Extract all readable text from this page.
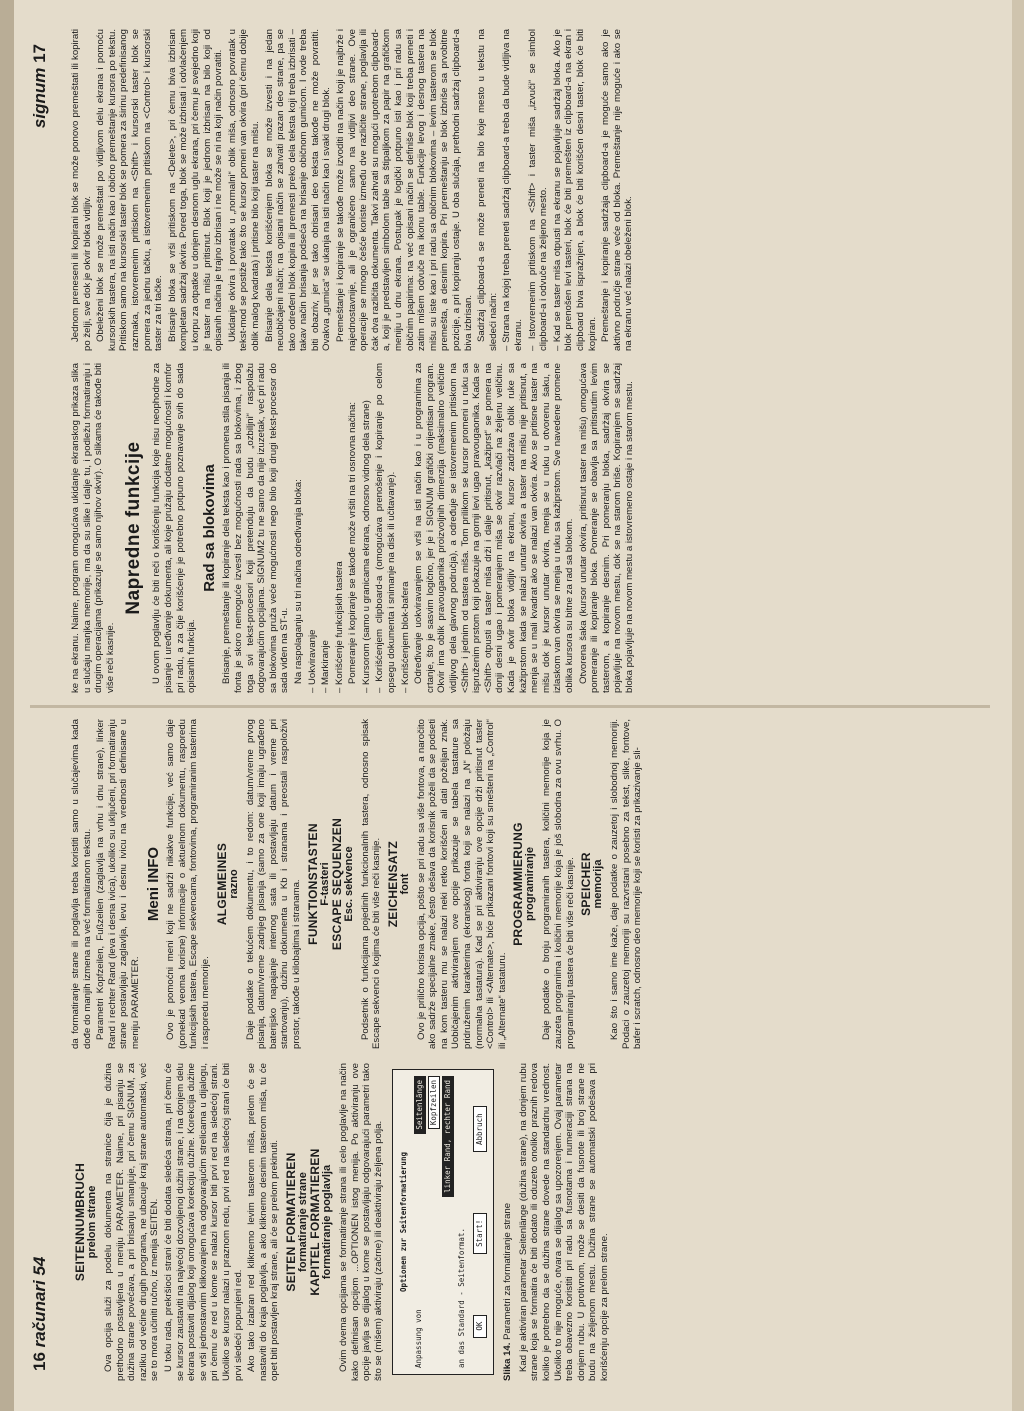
16 računari 54
signum 17
SEITENNUMBRUCH prelom strane Ova opcija služi za podelu dokumenta na stranice čija je dužina prethodno postavljena u meniju PARAMETER. Naime, pri pisanju se dužina strane povećava, a pri brisanju smanjuje, pri čemu SIGNUM, za razliku od većine drugih programa, ne ubacuje kraj strane automatski, već se to mora učiniti ručno, iz menija SEITEN. U toku rada, prekršioci strani će biti dodata sledeća strana, pri čemu će se kursor zaustaviti na najvećoj dozvoljenoj dužini strane, i na donjem delu ekrana postaviti dijalog koji omogućava korekciju dužine. Korekcija dužine se vrši jednostavnim klikovanjem na odgovarajućim strelicama u dijalogu, pri čemu će red u kome se nalazi kursor biti prvi red na sledećoj strani. Ukoliko se kursor nalazi u praznom redu, prvi red na sledećoj strani će biti prvi sledeći popunjeni red. Ako tako izabran red kliknemo levim tasterom miša, prelom će se nastaviti do kraja poglavlja, a ako kliknemo desnim tasterom miša, tu će opet biti postavljen kraj strane, ali će se prelom prekinuti. SEITEN FORMATIEREN formatiranje strane KAPITEL FORMATIEREN formatiranje poglavlja Ovim dvema opcijama se formatiranje strana ili celo poglavlje na način kako definisan opcijom ...OPTIONEN istog menija. Po aktiviranju ove opcije javlja se dijalog u kome se postavljaju odgovarajući parametri tako što se (mišem) aktiviraju (začrne) ili deaktiviraju željena polja. Optionen zur Seitenformatierung
Anpassung von
Seitenlänge Kopfzeilen linker Rand, rechter Rand
an das Standard - Seitenformat. OK
Start!
Abbruch
Slika 14. Parametri za formatiranje strane Kad je aktiviran parametar Seitenlänge (dužina strane), na donjem rubu strane koja se formatira će biti dodato ili oduzeto onoliko praznih redova koliko je potrebno da se dužina strane dovede na standardnu vrednost. Ukoliko to nije moguće, otvara se dijalog sa upozorenjem. Ovaj parametar treba obavezno koristiti pri radu sa fusnotama i numeraciji strana na donjem rubu. U protivnom, može se desiti da fusnote ili broj strane ne budu na željenom mestu. Dužina strane se automatski podešava pri korišćenju opcije za prelom strane.

da formatiranje strane ili poglavlja treba koristiti samo u slučajevima kada dođe do manjih izmena na već formatiranom tekstu. Parametri Kopfzeilen, Fußzeilen (zaglavlja na vrhu i dnu strane), linker Rand i rechter Rand (leva i desna ivica), ukoliko su uključeni, pri formatiranju strane postavljaju zaglavlja, levu i desnu ivicu na vrednosti definisane u meniju PARAMETER.

Meni INFO Ovo je pomoćni meni koji ne sadrži nikakve funkcije, već samo daje (ponekad veoma korisne) informacije o aktuelnom dokumentu, rasporedu funkcijskih tastera, Escape sekvencama, fontovima, programiranim tasterima i rasporedu memorije.

ALGEMEINES razno Daje podatke o tekućem dokumentu, i to redom: datum/vreme prvog pisanja, datum/vreme zadnjeg pisanja (samo za one koji imaju ugrađeno baterijsko napajanje internog sata ili postavljaju datum i vreme pri startovanju), dužinu dokumenta u Kb i stranama i preostali raspoloživi prostor, takođe u kilobajtima i stranama. FUNKTIONSTASTEN F-tasteri ESCAPE SEQUENZEN Esc. sekvence Podsetnik o funkcijama pojedinih funkcionalnih tastera, odnosno spisak Escape sekvenci o kojima će biti više reči kasnije. ZEICHENSATZ font Ovo je prilično korisna opcija, pošto se pri radu sa više fontova, a naročito ako sadrže specijalne znake, često dešava da korisnik poželi da se podseti na kom tasteru mu se nalazi neki retko korišćen ali dati poželjan znak. Uobičajenim aktiviranjem ove opcije prikazuje se tabela tastature sa pridruženim karakterima (ekranskog) fonta koji se nalazi na „N“ položaju (normalna tastatura). Kad se pri aktiviranju ove opcije drži pritisnut taster <Control> ili <Alternate>, biće prikazani fontovi koji su smešteni na „Control“ ili „Alternate“ tastaturu.

PROGRAMMIERUNG programiranje Daje podatke o broju programiranih tastera, količini memorije koja je zauzeta programima i količini memorije koja je još slobodna za ovu svrhu. O programiranju tastera će biti više reči kasnije. SPEICHER memorija Kao što i samo ime kaže, daje podatke o zauzetoj i slobodnoj memoriji. Podaci o zauzetoj memoriji su razvrstani posebno za tekst, slike, fontove, bafer i scratch, odnosno deo memorije koji se koristi za prikazivanje sli-

ke na ekranu. Naime, program omogućava ukidanje ekranskog prikaza slika u slučaju manjka memorije, ma da su slike i dalje tu, i podležu formatiranju i drugim operacijama (prikazuje se samo njihov okvir). O slikama će takođe biti više reči kasnije.

Napredne funkcije U ovom poglavlju će biti reči o korišćenju funkcija koje nisu neophodne za pisanje i uređivanje dokumenta, ali koje pružaju dodatne mogućnosti i komfor pri radu, a za čije korišćenje je potrebno potpuno poznavanje svih do sada opisanih funkcija.

Rad sa blokovima Brisanje, premeštanje ili kopiranje dela teksta kao i promena stila pisanja ili fonta je skoro nemoguće izvesti bez mogućnosti rada sa blokovima, i zbog toga svi tekst-procesori koji pretenduju da budu „ozbiljni“ raspolažu odgovarajućim opcijama. SIGNUM2 tu ne samo da nije izuzetak, već pri radu sa blokovima pruža veće mogućnosti nego bilo koji drugi tekst-procesor do sada viđen na ST-u. Na raspolaganju su tri načina određivanja bloka: – Uokviravanje – Markiranje – Korišćenje funkcijskih tastera Pomeranje i kopiranje se takođe može vršiti na tri osnovna načina: – Kursorom (samo u granicama ekrana, odnosno vidnog dela strane) – Korišćenjem clipboard-a (omogućava prenošenje i kopiranje po celom opsegu dokumenta i snimanje na disk ili učitavanje). – Korišćenjem blok-bafera Određivanje uokviravanjem se vrši na isti način kao i u programima za crtanje, što je sasvim logično, jer je i SIGNUM grafički orijentisan program. Okvir ima oblik pravougaonika proizvoljnih dimenzija (maksimalno veličine vidljivog dela glavnog područja), a određuje se istovremenim pritiskom na <Shift> i jednim od tastera miša. Tom prilikom se kursor promeni u ruku sa ispruženim prstom koji pokazuje na gornji levi ugao pravougaonika. Kada se <Shift> otpusti a taster miša drži i dalje pritisnut, „kažiprst“ se pomera na donji desni ugao i pomeranjem miša se okvir razvlači na željenu veličinu. Kada je okvir bloka vidljiv na ekranu, kursor zadržava oblik ruke sa kažiprstom kada se nalazi unutar okvira a taster na mišu nije pritisnut, a menja se u mali kvadrat ako se nalazi van okvira. Ako se pritisne taster na mišu dok je kursor unutar okvira, menja se u ruku u otvorenu šaku, a izlaskom van okvira se menja u ruku sa kažiprstom. Sve navedene promene oblika kursora su bitne za rad sa blokom. Otvorena šaka (kursor unutar okvira, pritisnut taster na mišu) omogućava pomeranje ili kopiranje bloka. Pomeranje se obavlja sa pritisnutim levim tasterom, a kopiranje desnim. Pri pomeranju bloka, sadržaj okvira se pojavljuje na novom mestu, dok se na starom briše. Kopiranjem se sadržaj bloka pojavljuje na novom mestu a istovremeno ostaje i na starom mestu.

Jednom preneseni ili kopirani blok se može ponovo premeštati ili kopirati po želji, sve dok je okvir bloka vidljiv. Obeleženi blok se može premeštati po vidljivom delu ekrana i pomoću kursorskih tastera, na isti način kao i obično premeštanje kursora po tekstu. Pritiskom samo na kursorski taster blok se pomera za širinu predefinisanog razmaka, istovremenim pritiskom na <Shift> i kursorski taster blok se pomera za jednu tačku, a istovremenim pritiskom na <Control> i kursorski taster za tri tačke. Brisanje bloka se vrši pritiskom na <Delete>, pri čemu biva izbrisan kompletan sadržaj okvira. Pored toga, blok se može izbrisati i odvlačenjem u korpu za otpatke u donjem desnom uglu ekrana, pri čemu je svejedno koji je taster na mišu pritisnut. Blok koji je jednom izbrisan na bilo koji od opisanih načina je trajno izbrisan i ne može se ni na koji način povratiti. Ukidanje okvira i povratak u „normalni“ oblik miša, odnosno povratak u tekst-mod se postiže tako što se kursor pomeri van okvira (pri čemu dobije oblik malog kvadrata) i pritisne bilo koji taster na mišu. Brisanje dela teksta korišćenjem bloka se može izvesti i na jedan neuobičajeni način; na opisani način se zahvati prazan deo strane, pa se tako određeni blok kopira ili premesti preko dela teksta koji treba izbrisati – takav način brisanja podseća na brisanje običnom gumicom. I ovde treba biti obazriv, jer se tako obrisani deo teksta takođe ne može povratiti. Ovakva „gumica“ se ukanja na isti način kao i svaki drugi blok. Premeštanje i kopiranje se takođe može izvoditi na način koji je najbrže i najednostavnije, ali je ograničeno samo na vidljivi deo strane. Ove operacije se mnogo češće koriste između dve različite strane, poglavlja ili čak dva različita dokumenta. Takvi zahvati su mogući upotrebom clipboard-a, koji je predstavljen simbolom table sa štipaljkom za papir na grafičkom meniju u dnu ekrana. Postupak je logički potpuno isti kao i pri radu sa običnim papirima: na već opisani način se definiše blok koji treba preneti i zatim mišem odvuče na ikonu table. Funkcije levog i desnog tastera na mišu su iste kao i pri radu sa običnim blokovima – levim tasterom se blok premešta, a desnim kopira. Pri premeštanju se blok izbriše sa prvobitne pozicije, a pri kopiranju ostaje. U oba slučaja, prethodni sadržaj clipboard-a biva izbrisan. Sadržaj clipboard-a se može preneti na bilo koje mesto u tekstu na sledeći način: – Strana na kojoj treba preneti sadržaj clipboard-a treba da bude vidljiva na ekranu. – Istovremenim pritiskom na <Shift> i taster miša „izvuči“ se simbol clipboard-a i odvuče na željeno mesto. – Kad se taster miša otpusti na ekranu se pojavljuje sadržaj bloka. Ako je blok prenošen levi tasteri, blok će biti premešten iz clipboard-a na ekran i clipboard biva ispražnjen, a blok će biti korišćen desni taster, blok će biti kopiran. Premeštanje i kopiranje sadržaja clipboard-a je moguće samo ako je aktivno područje strane veće od bloka. Premeštanje nije moguće i ako se na ekranu već nalazi obeleženi blok.
